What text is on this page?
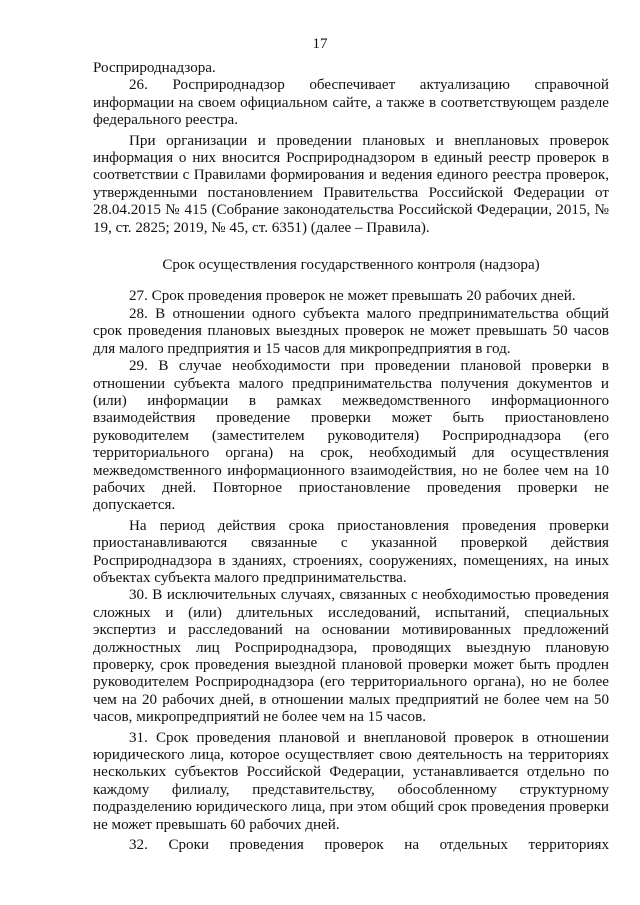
17

Росприроднадзора.

26. Росприроднадзор обеспечивает актуализацию справочной информации на своем официальном сайте, а также в соответствующем разделе федерального реестра.

При организации и проведении плановых и внеплановых проверок информация о них вносится Росприроднадзором в единый реестр проверок в соответствии с Правилами формирования и ведения единого реестра проверок, утвержденными постановлением Правительства Российской Федерации от 28.04.2015 № 415 (Собрание законодательства Российской Федерации, 2015, № 19, ст. 2825; 2019, № 45, ст. 6351) (далее – Правила).

Срок осуществления государственного контроля (надзора)

27. Срок проведения проверок не может превышать 20 рабочих дней.

28. В отношении одного субъекта малого предпринимательства общий срок проведения плановых выездных проверок не может превышать 50 часов для малого предприятия и 15 часов для микропредприятия в год.

29. В случае необходимости при проведении плановой проверки в отношении субъекта малого предпринимательства получения документов и (или) информации в рамках межведомственного информационного взаимодействия проведение проверки может быть приостановлено руководителем (заместителем руководителя) Росприроднадзора (его территориального органа) на срок, необходимый для осуществления межведомственного информационного взаимодействия, но не более чем на 10 рабочих дней. Повторное приостановление проведения проверки не допускается.

На период действия срока приостановления проведения проверки приостанавливаются связанные с указанной проверкой действия Росприроднадзора в зданиях, строениях, сооружениях, помещениях, на иных объектах субъекта малого предпринимательства.

30. В исключительных случаях, связанных с необходимостью проведения сложных и (или) длительных исследований, испытаний, специальных экспертиз и расследований на основании мотивированных предложений должностных лиц Росприроднадзора, проводящих выездную плановую проверку, срок проведения выездной плановой проверки может быть продлен руководителем Росприроднадзора (его территориального органа), но не более чем на 20 рабочих дней, в отношении малых предприятий не более чем на 50 часов, микропредприятий не более чем на 15 часов.

31. Срок проведения плановой и внеплановой проверок в отношении юридического лица, которое осуществляет свою деятельность на территориях нескольких субъектов Российской Федерации, устанавливается отдельно по каждому филиалу, представительству, обособленному структурному подразделению юридического лица, при этом общий срок проведения проверки не может превышать 60 рабочих дней.

32. Сроки проведения проверок на отдельных территориях
